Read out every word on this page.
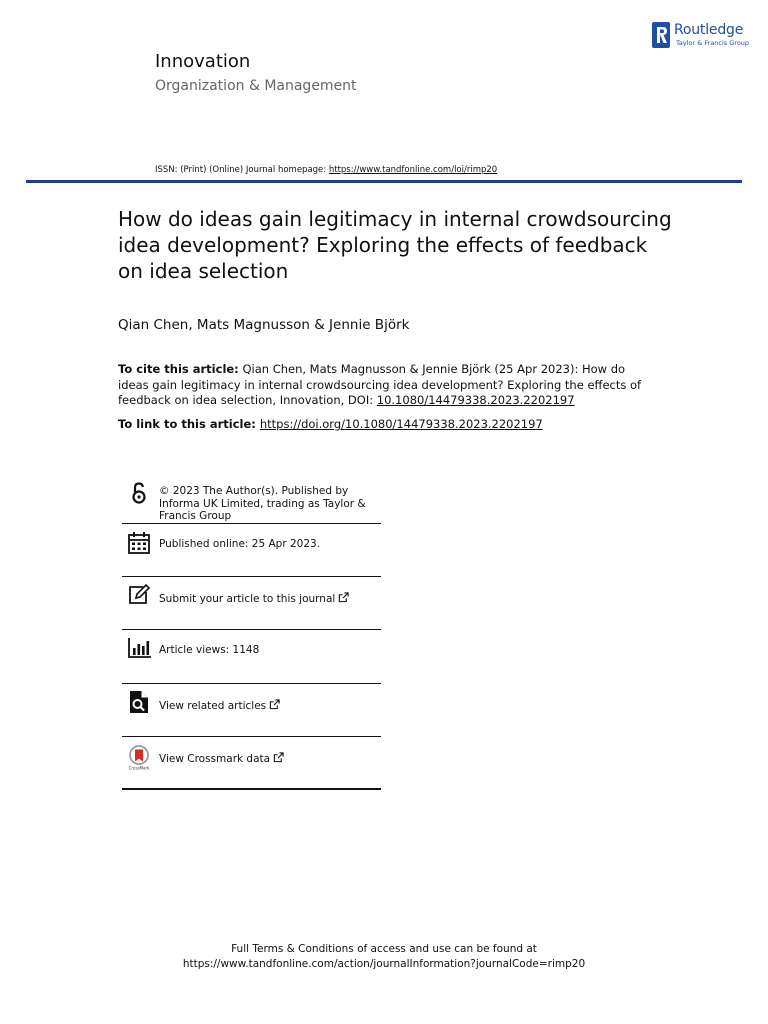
Routledge
Taylor & Francis Group
Innovation
Organization & Management
ISSN: (Print) (Online) Journal homepage: https://www.tandfonline.com/loi/rimp20
How do ideas gain legitimacy in internal crowdsourcing idea development? Exploring the effects of feedback on idea selection
Qian Chen, Mats Magnusson & Jennie Björk
To cite this article: Qian Chen, Mats Magnusson & Jennie Björk (25 Apr 2023): How do ideas gain legitimacy in internal crowdsourcing idea development? Exploring the effects of feedback on idea selection, Innovation, DOI: 10.1080/14479338.2023.2202197
To link to this article: https://doi.org/10.1080/14479338.2023.2202197
© 2023 The Author(s). Published by Informa UK Limited, trading as Taylor & Francis Group
Published online: 25 Apr 2023.
Submit your article to this journal
Article views: 1148
View related articles
CrossMark
View Crossmark data
Full Terms & Conditions of access and use can be found at
https://www.tandfonline.com/action/journalInformation?journalCode=rimp20
